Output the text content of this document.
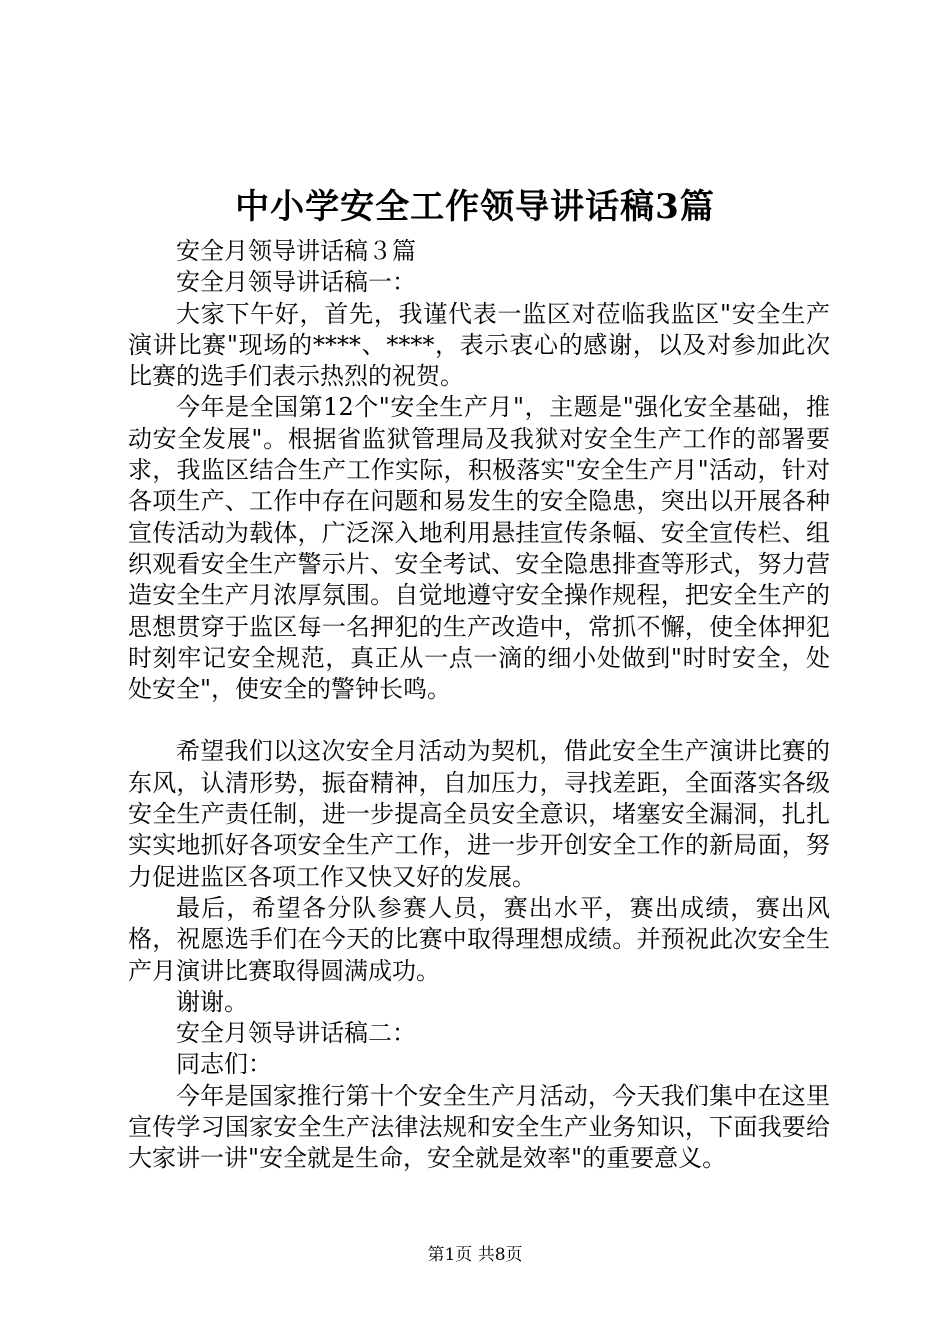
中小学安全工作领导讲话稿3篇

安全月领导讲话稿３篇

安全月领导讲话稿一：

大家下午好，首先，我谨代表一监区对莅临我监区"安全生产演讲比赛"现场的****、****，表示衷心的感谢，以及对参加此次比赛的选手们表示热烈的祝贺。

今年是全国第12个"安全生产月"，主题是"强化安全基础，推动安全发展"。根据省监狱管理局及我狱对安全生产工作的部署要求，我监区结合生产工作实际，积极落实"安全生产月"活动，针对各项生产、工作中存在问题和易发生的安全隐患，突出以开展各种宣传活动为载体，广泛深入地利用悬挂宣传条幅、安全宣传栏、组织观看安全生产警示片、安全考试、安全隐患排查等形式，努力营造安全生产月浓厚氛围。自觉地遵守安全操作规程，把安全生产的思想贯穿于监区每一名押犯的生产改造中，常抓不懈，使全体押犯时刻牢记安全规范，真正从一点一滴的细小处做到"时时安全，处处安全"，使安全的警钟长鸣。

希望我们以这次安全月活动为契机，借此安全生产演讲比赛的东风，认清形势，振奋精神，自加压力，寻找差距，全面落实各级安全生产责任制，进一步提高全员安全意识，堵塞安全漏洞，扎扎实实地抓好各项安全生产工作，进一步开创安全工作的新局面，努力促进监区各项工作又快又好的发展。

最后，希望各分队参赛人员，赛出水平，赛出成绩，赛出风格，祝愿选手们在今天的比赛中取得理想成绩。并预祝此次安全生产月演讲比赛取得圆满成功。

谢谢。

安全月领导讲话稿二：

同志们：

今年是国家推行第十个安全生产月活动，今天我们集中在这里宣传学习国家安全生产法律法规和安全生产业务知识，下面我要给大家讲一讲"安全就是生命，安全就是效率"的重要意义。

第1页 共8页
